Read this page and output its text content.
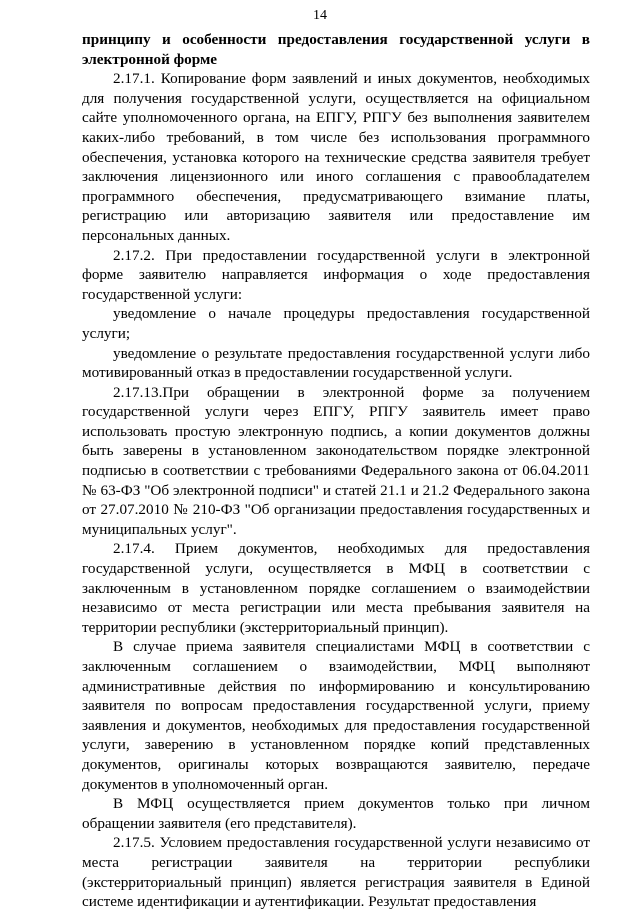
14

принципу и особенности предоставления государственной услуги в электронной форме

2.17.1. Копирование форм заявлений и иных документов, необходимых для получения государственной услуги, осуществляется на официальном сайте уполномоченного органа, на ЕПГУ, РПГУ без выполнения заявителем каких-либо требований, в том числе без использования программного обеспечения, установка которого на технические средства заявителя требует заключения лицензионного или иного соглашения с правообладателем программного обеспечения, предусматривающего взимание платы, регистрацию или авторизацию заявителя или предоставление им персональных данных.

2.17.2. При предоставлении государственной услуги в электронной форме заявителю направляется информация о ходе предоставления государственной услуги:

уведомление о начале процедуры предоставления государственной услуги;

уведомление о результате предоставления государственной услуги либо мотивированный отказ в предоставлении государственной услуги.

2.17.13.При обращении в электронной форме за получением государственной услуги через ЕПГУ, РПГУ заявитель имеет право использовать простую электронную подпись, а копии документов должны быть заверены в установленном законодательством порядке электронной подписью в соответствии с требованиями Федерального закона от 06.04.2011 № 63-ФЗ "Об электронной подписи" и статей 21.1 и 21.2 Федерального закона от 27.07.2010 № 210-ФЗ "Об организации предоставления государственных и муниципальных услуг".

2.17.4. Прием документов, необходимых для предоставления государственной услуги, осуществляется в МФЦ в соответствии с заключенным в установленном порядке соглашением о взаимодействии независимо от места регистрации или места пребывания заявителя на территории республики (экстерриториальный принцип).

В случае приема заявителя специалистами МФЦ в соответствии с заключенным соглашением о взаимодействии, МФЦ выполняют административные действия по информированию и консультированию заявителя по вопросам предоставления государственной услуги, приему заявления и документов, необходимых для предоставления государственной услуги, заверению в установленном порядке копий представленных документов, оригиналы которых возвращаются заявителю, передаче документов в уполномоченный орган.

В МФЦ осуществляется прием документов только при личном обращении заявителя (его представителя).

2.17.5. Условием предоставления государственной услуги независимо от места регистрации заявителя на территории республики (экстерриториальный принцип) является регистрация заявителя в Единой системе идентификации и аутентификации. Результат предоставления
